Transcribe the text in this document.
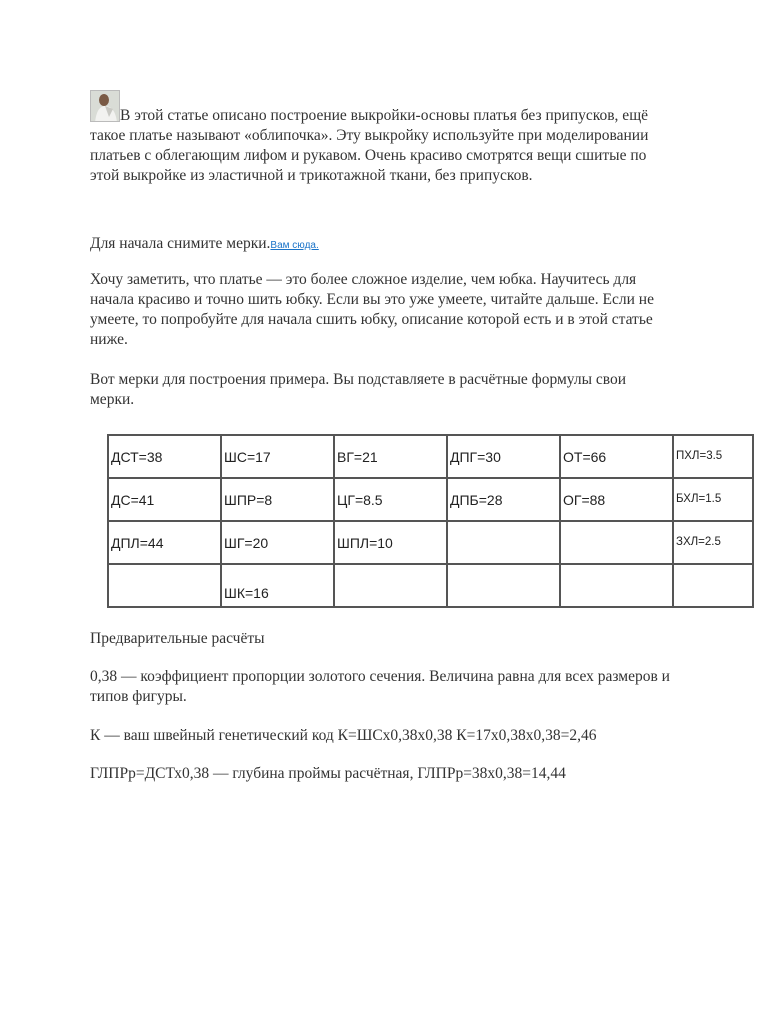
В этой статье описано построение выкройки-основы платья без припусков, ещё такое платье называют «облипочка». Эту выкройку используйте при моделировании платьев с облегающим лифом и рукавом. Очень красиво смотрятся вещи сшитые по этой выкройке из эластичной и трикотажной ткани, без припусков.

Для начала снимите мерки.Вам сюда.

Хочу заметить, что платье — это более сложное изделие, чем юбка. Научитесь для начала красиво и точно шить юбку. Если вы это уже умеете, читайте дальше. Если не умеете, то попробуйте для начала сшить юбку, описание которой есть и в этой статье ниже.

Вот мерки для построения примера. Вы подставляете в расчётные формулы свои мерки.

Предварительные расчёты

0,38 — коэффициент пропорции золотого сечения. Величина равна для всех размеров и типов фигуры.

К — ваш швейный генетический код К=ШСх0,38х0,38 К=17х0,38х0,38=2,46

ГЛПРр=ДСТх0,38 — глубина проймы расчётная, ГЛПРр=38х0,38=14,44

ДСТ=38	ШС=17	ВГ=21	ДПГ=30	ОТ=66	ПХЛ=3.5
ДС=41	ШПР=8	ЦГ=8.5	ДПБ=28	ОГ=88	БХЛ=1.5
ДПЛ=44	ШГ=20	ШПЛ=10			ЗХЛ=2.5
	ШК=16				
